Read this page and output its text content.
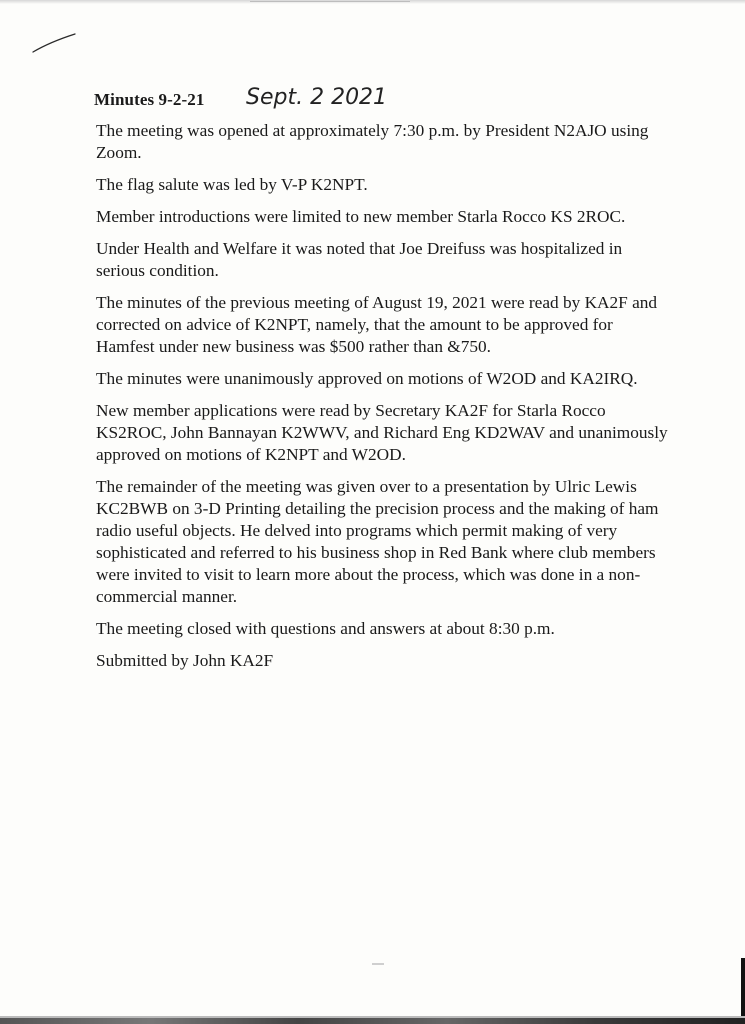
Minutes 9-2-21 Sept. 2 2021

The meeting was opened at approximately 7:30 p.m. by President N2AJO using Zoom.

The flag salute was led by V-P K2NPT.

Member introductions were limited to new member Starla Rocco KS 2ROC.

Under Health and Welfare it was noted that Joe Dreifuss was hospitalized in serious condition.

The minutes of the previous meeting of August 19, 2021 were read by KA2F and corrected on advice of K2NPT, namely, that the amount to be approved for Hamfest under new business was $500 rather than &750.

The minutes were unanimously approved on motions of W2OD and KA2IRQ.

New member applications were read by Secretary KA2F for Starla Rocco KS2ROC, John Bannayan K2WWV, and Richard Eng KD2WAV and unanimously approved on motions of K2NPT and W2OD.

The remainder of the meeting was given over to a presentation by Ulric Lewis KC2BWB on 3-D Printing detailing the precision process and the making of ham radio useful objects. He delved into programs which permit making of very sophisticated and referred to his business shop in Red Bank where club members were invited to visit to learn more about the process, which was done in a non-commercial manner.

The meeting closed with questions and answers at about 8:30 p.m.

Submitted by John KA2F
